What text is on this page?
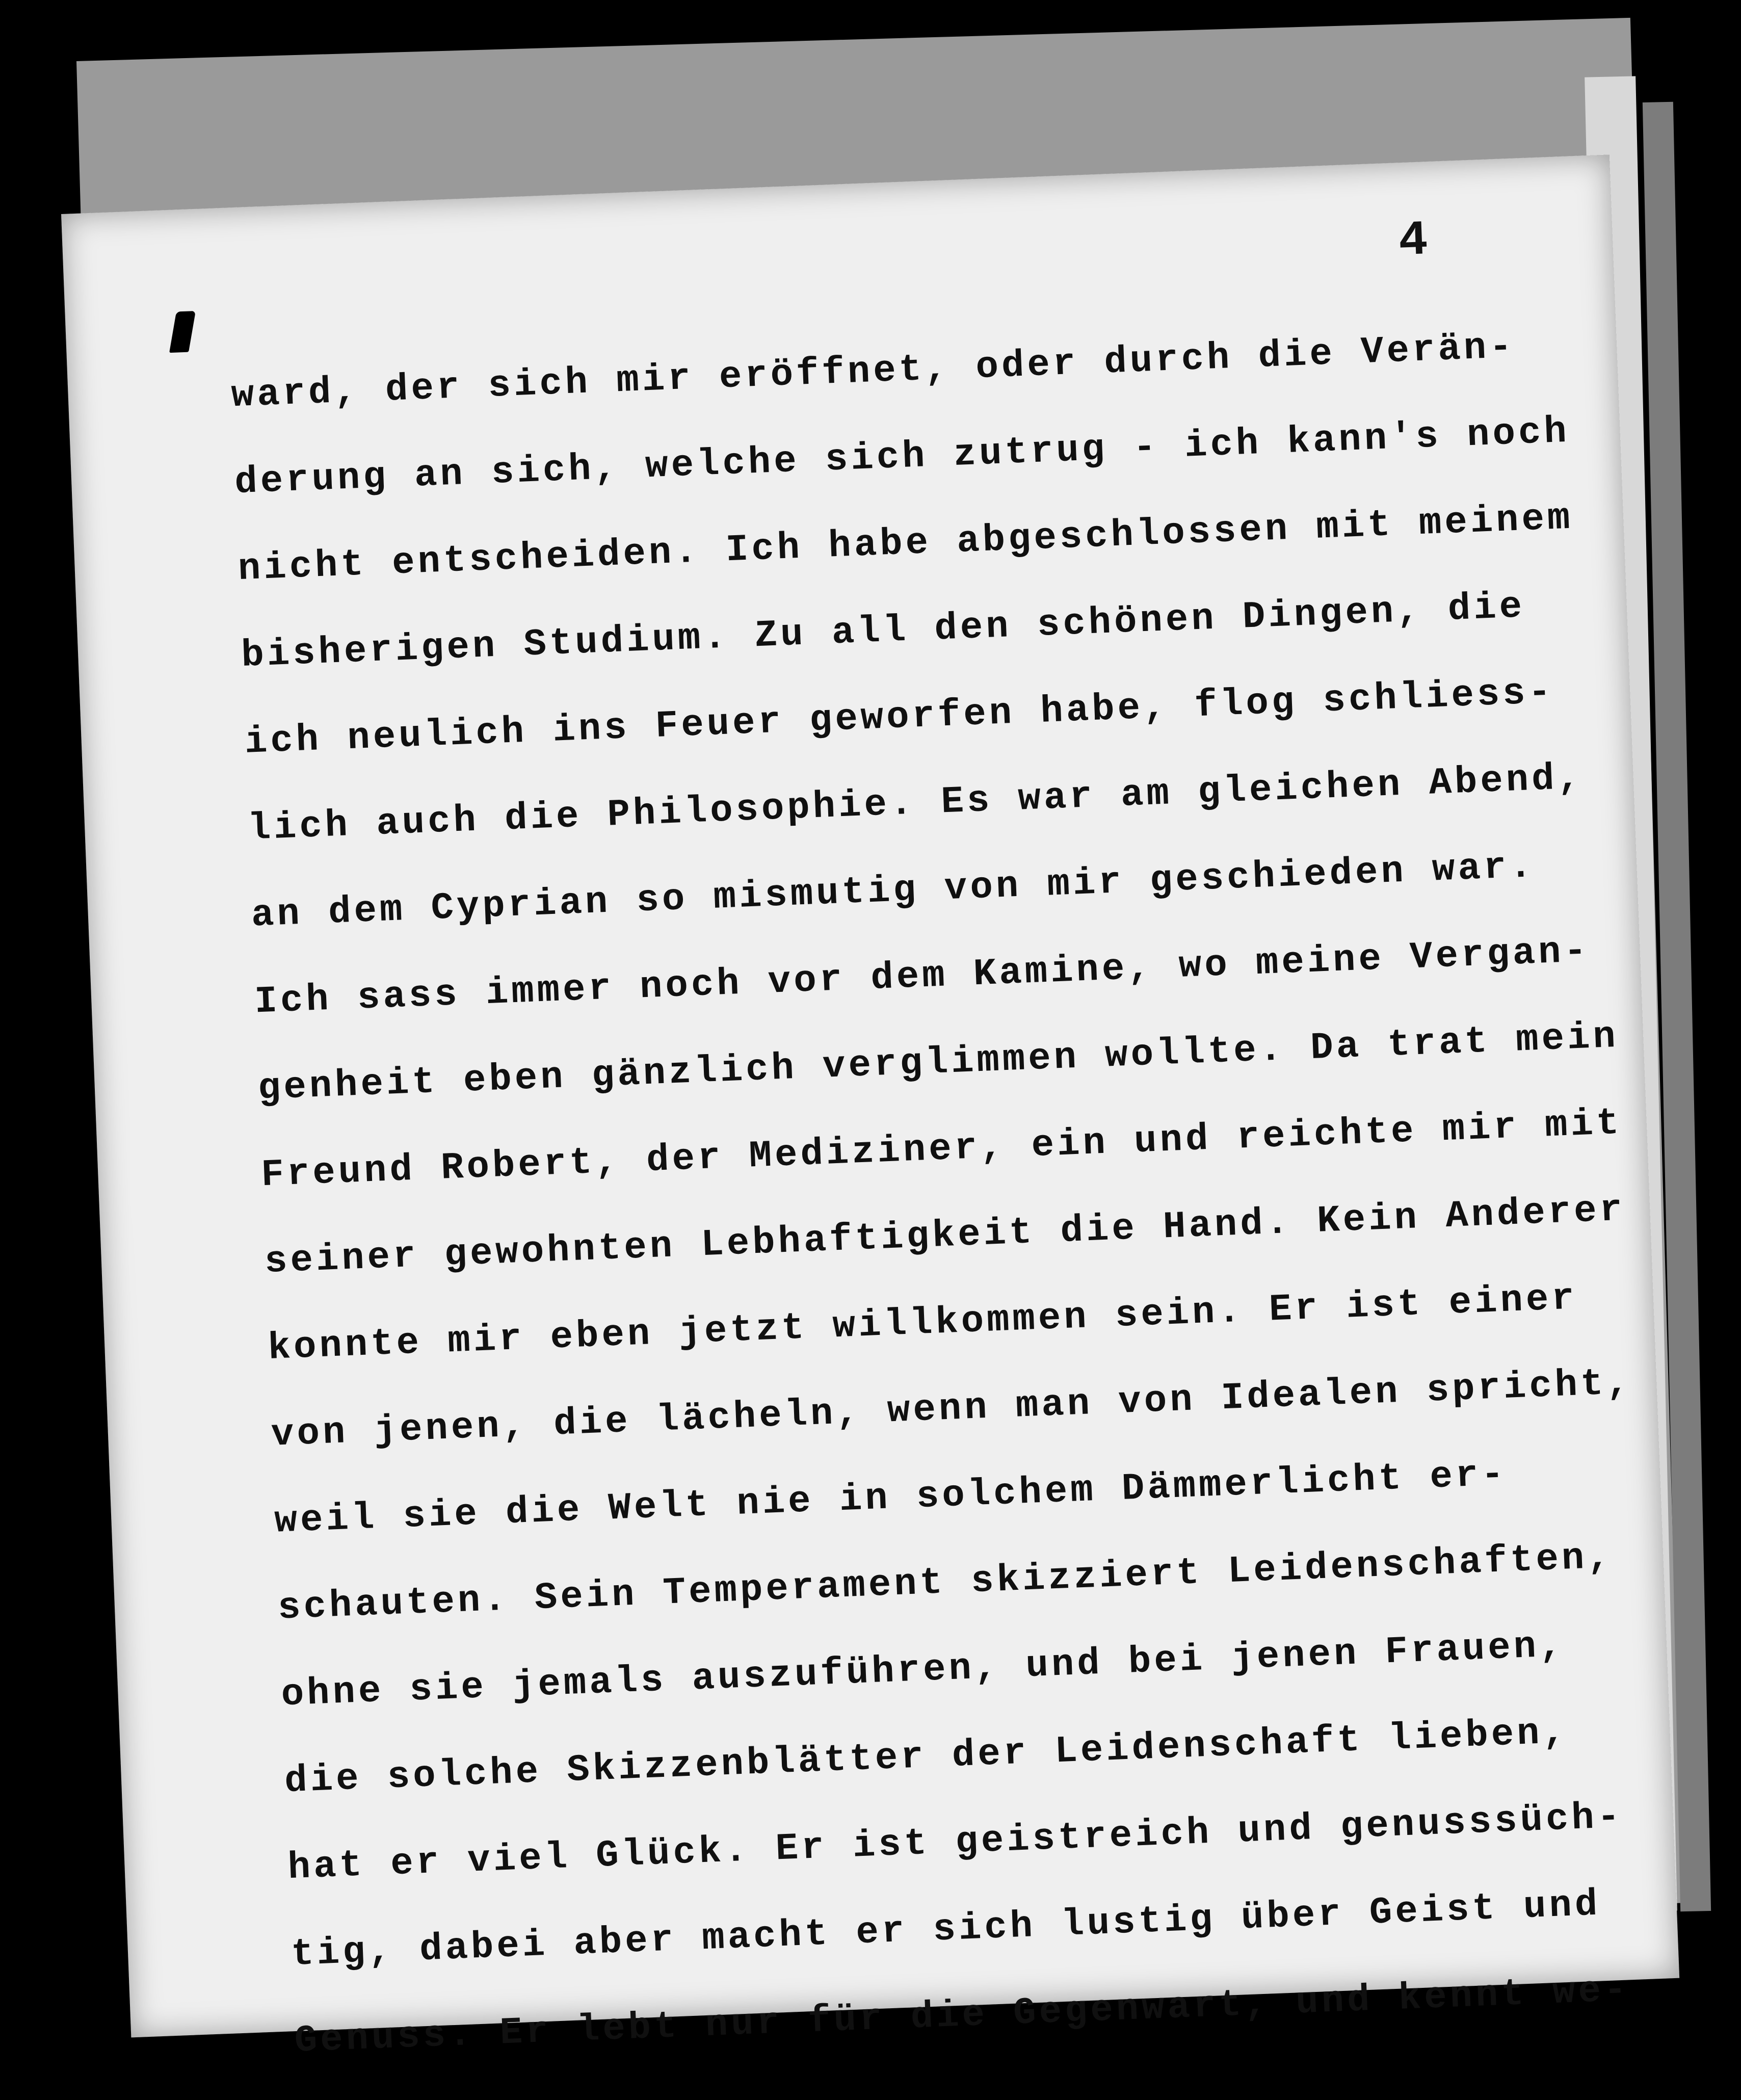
4
ward, der sich mir eröffnet, oder durch die Verän-
derung an sich, welche sich zutrug - ich kann's noch
nicht entscheiden. Ich habe abgeschlossen mit meinem
bisherigen Studium. Zu all den schönen Dingen, die
ich neulich ins Feuer geworfen habe, flog schliess-
lich auch die Philosophie. Es war am gleichen Abend,
an dem Cyprian so mismutig von mir geschieden war.
Ich sass immer noch vor dem Kamine, wo meine Vergan-
genheit eben gänzlich verglimmen wollte. Da trat mein
Freund Robert, der Mediziner, ein und reichte mir mit
seiner gewohnten Lebhaftigkeit die Hand. Kein Anderer
konnte mir eben jetzt willkommen sein. Er ist einer
von jenen, die lächeln, wenn man von Idealen spricht,
weil sie die Welt nie in solchem Dämmerlicht er-
schauten. Sein Temperament skizziert Leidenschaften,
ohne sie jemals auszuführen, und bei jenen Frauen,
die solche Skizzenblätter der Leidenschaft lieben,
hat er viel Glück. Er ist geistreich und genusssüch-
tig, dabei aber macht er sich lustig über Geist und
Genuss. Er lebt nur für die Gegenwart, und kennt we-
